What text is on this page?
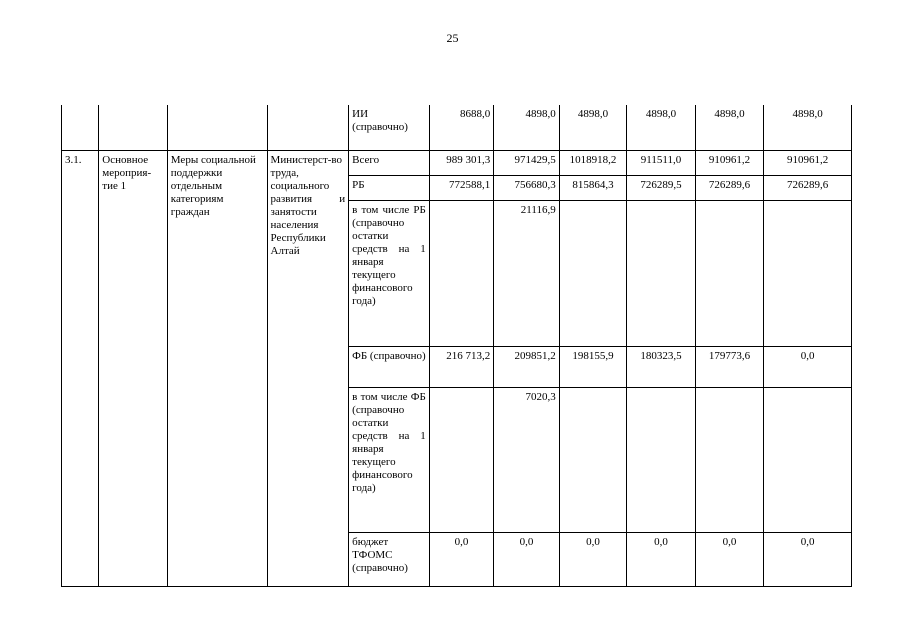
25
				ИИ (справочно)	8688,0	4898,0	4898,0	4898,0	4898,0	4898,0
3.1.	Основное мероприя-тие 1	Меры социальной поддержки отдельным категориям граждан	Министерст-во труда, социального развития и занятости населения Республики Алтай	Всего	989 301,3	971429,5	1018918,2	911511,0	910961,2	910961,2
				РБ	772588,1	756680,3	815864,3	726289,5	726289,6	726289,6
				в том числе РБ (справочно остатки средств на 1 января текущего финансового года)		21116,9				
				ФБ (справочно)	216 713,2	209851,2	198155,9	180323,5	179773,6	0,0
				в том числе ФБ (справочно остатки средств на 1 января текущего финансового года)		7020,3				
				бюджет ТФОМС (справочно)	0,0	0,0	0,0	0,0	0,0	0,0
